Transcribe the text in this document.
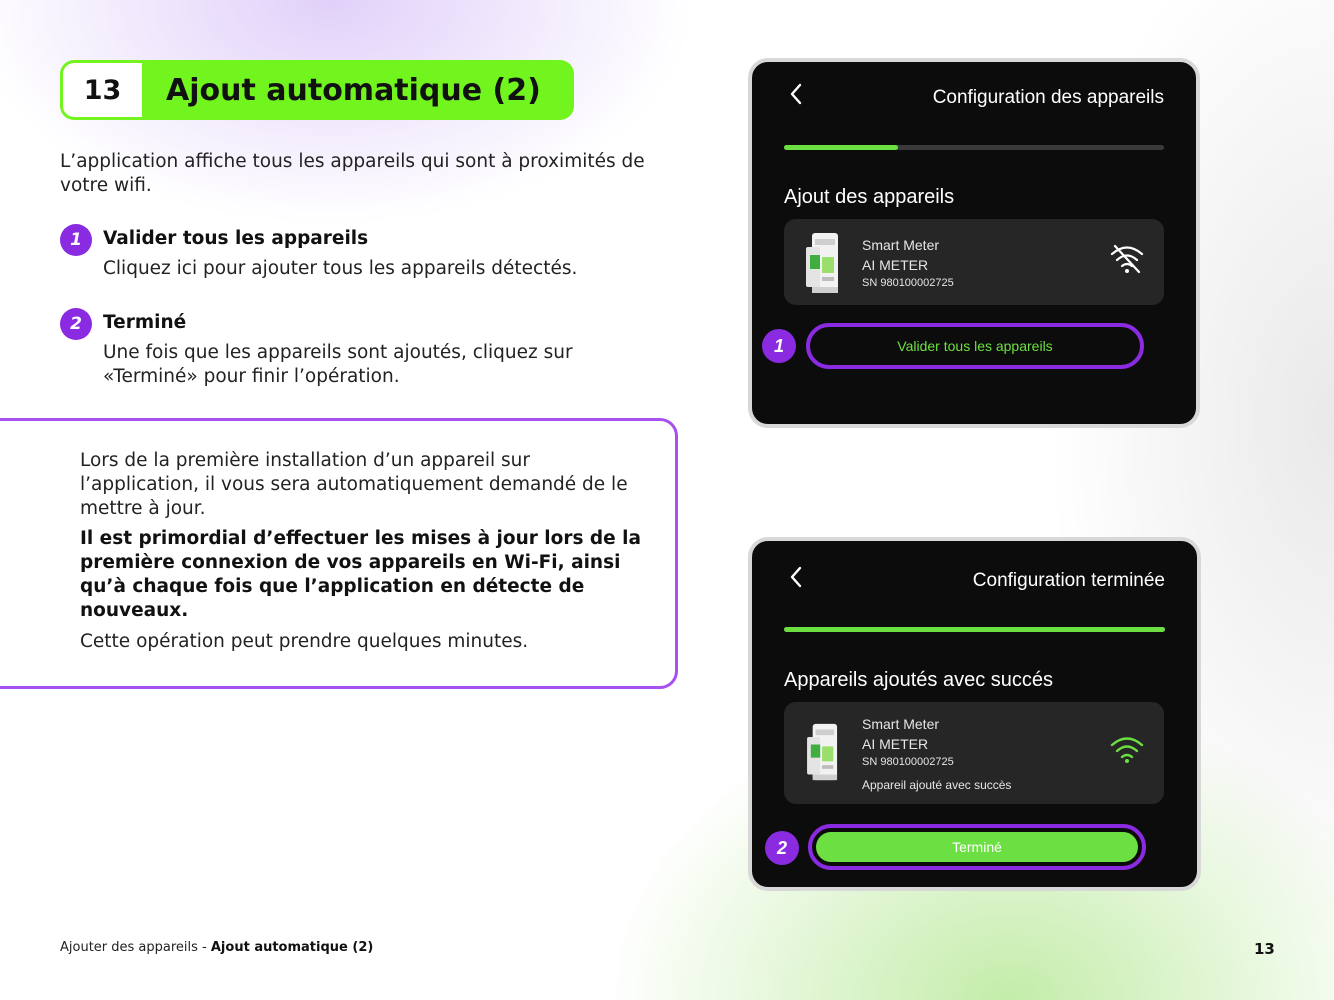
13	Ajout automatique (2)

L’application affiche tous les appareils qui sont à proximités de votre wifi.

1	Valider tous les appareils
Cliquez ici pour ajouter tous les appareils détectés.
2	Terminé
Une fois que les appareils sont ajoutés, cliquez sur «Terminé» pour finir l’opération.

Lors de la première installation d’un appareil sur l’application, il vous sera automatiquement demandé de le mettre à jour.

Il est primordial d’effectuer les mises à jour lors de la première connexion de vos appareils en Wi-Fi, ainsi qu’à chaque fois que l’application en détecte de nouveaux.

Cette opération peut prendre quelques minutes.

Configuration des appareils
Ajout des appareils
Smart Meter
AI METER
SN 980100002725
1	Valider tous les appareils
Configuration terminée
Appareils ajoutés avec succés
Smart Meter
AI METER
SN 980100002725
Appareil ajouté avec succès
2	Terminé
Ajouter des appareils - Ajout automatique (2)	13
